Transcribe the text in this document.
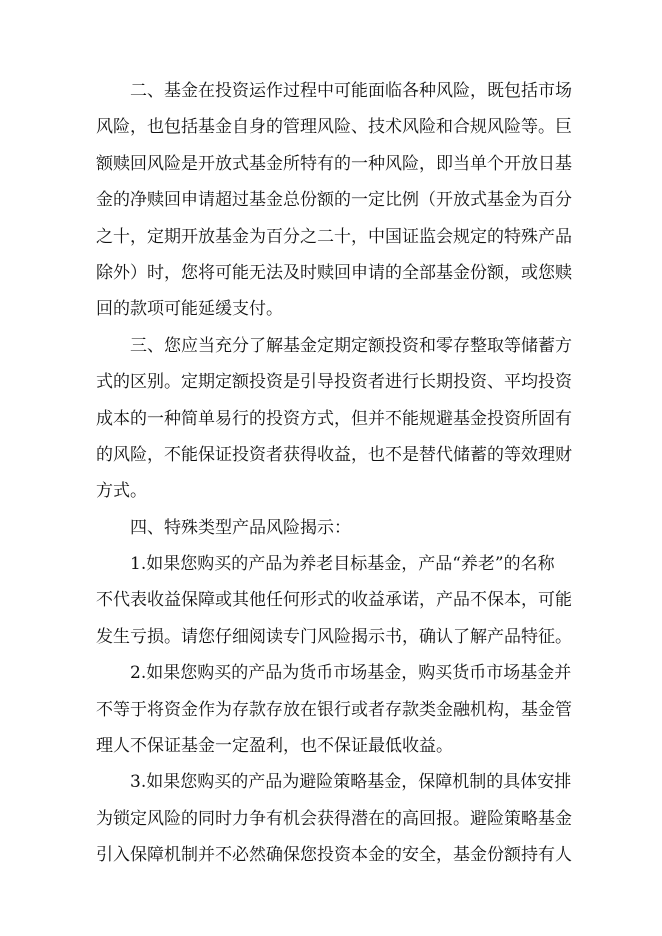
二、基金在投资运作过程中可能面临各种风险，既包括市场
风险，也包括基金自身的管理风险、技术风险和合规风险等。巨
额赎回风险是开放式基金所特有的一种风险，即当单个开放日基
金的净赎回申请超过基金总份额的一定比例（开放式基金为百分
之十，定期开放基金为百分之二十，中国证监会规定的特殊产品
除外）时，您将可能无法及时赎回申请的全部基金份额，或您赎
回的款项可能延缓支付。
三、您应当充分了解基金定期定额投资和零存整取等储蓄方
式的区别。定期定额投资是引导投资者进行长期投资、平均投资
成本的一种简单易行的投资方式，但并不能规避基金投资所固有
的风险，不能保证投资者获得收益，也不是替代储蓄的等效理财
方式。
四、特殊类型产品风险揭示：
1.如果您购买的产品为养老目标基金，产品“养老”的名称
不代表收益保障或其他任何形式的收益承诺，产品不保本，可能
发生亏损。请您仔细阅读专门风险揭示书，确认了解产品特征。
2.如果您购买的产品为货币市场基金，购买货币市场基金并
不等于将资金作为存款存放在银行或者存款类金融机构，基金管
理人不保证基金一定盈利，也不保证最低收益。
3.如果您购买的产品为避险策略基金，保障机制的具体安排
为锁定风险的同时力争有机会获得潜在的高回报。避险策略基金
引入保障机制并不必然确保您投资本金的安全，基金份额持有人
